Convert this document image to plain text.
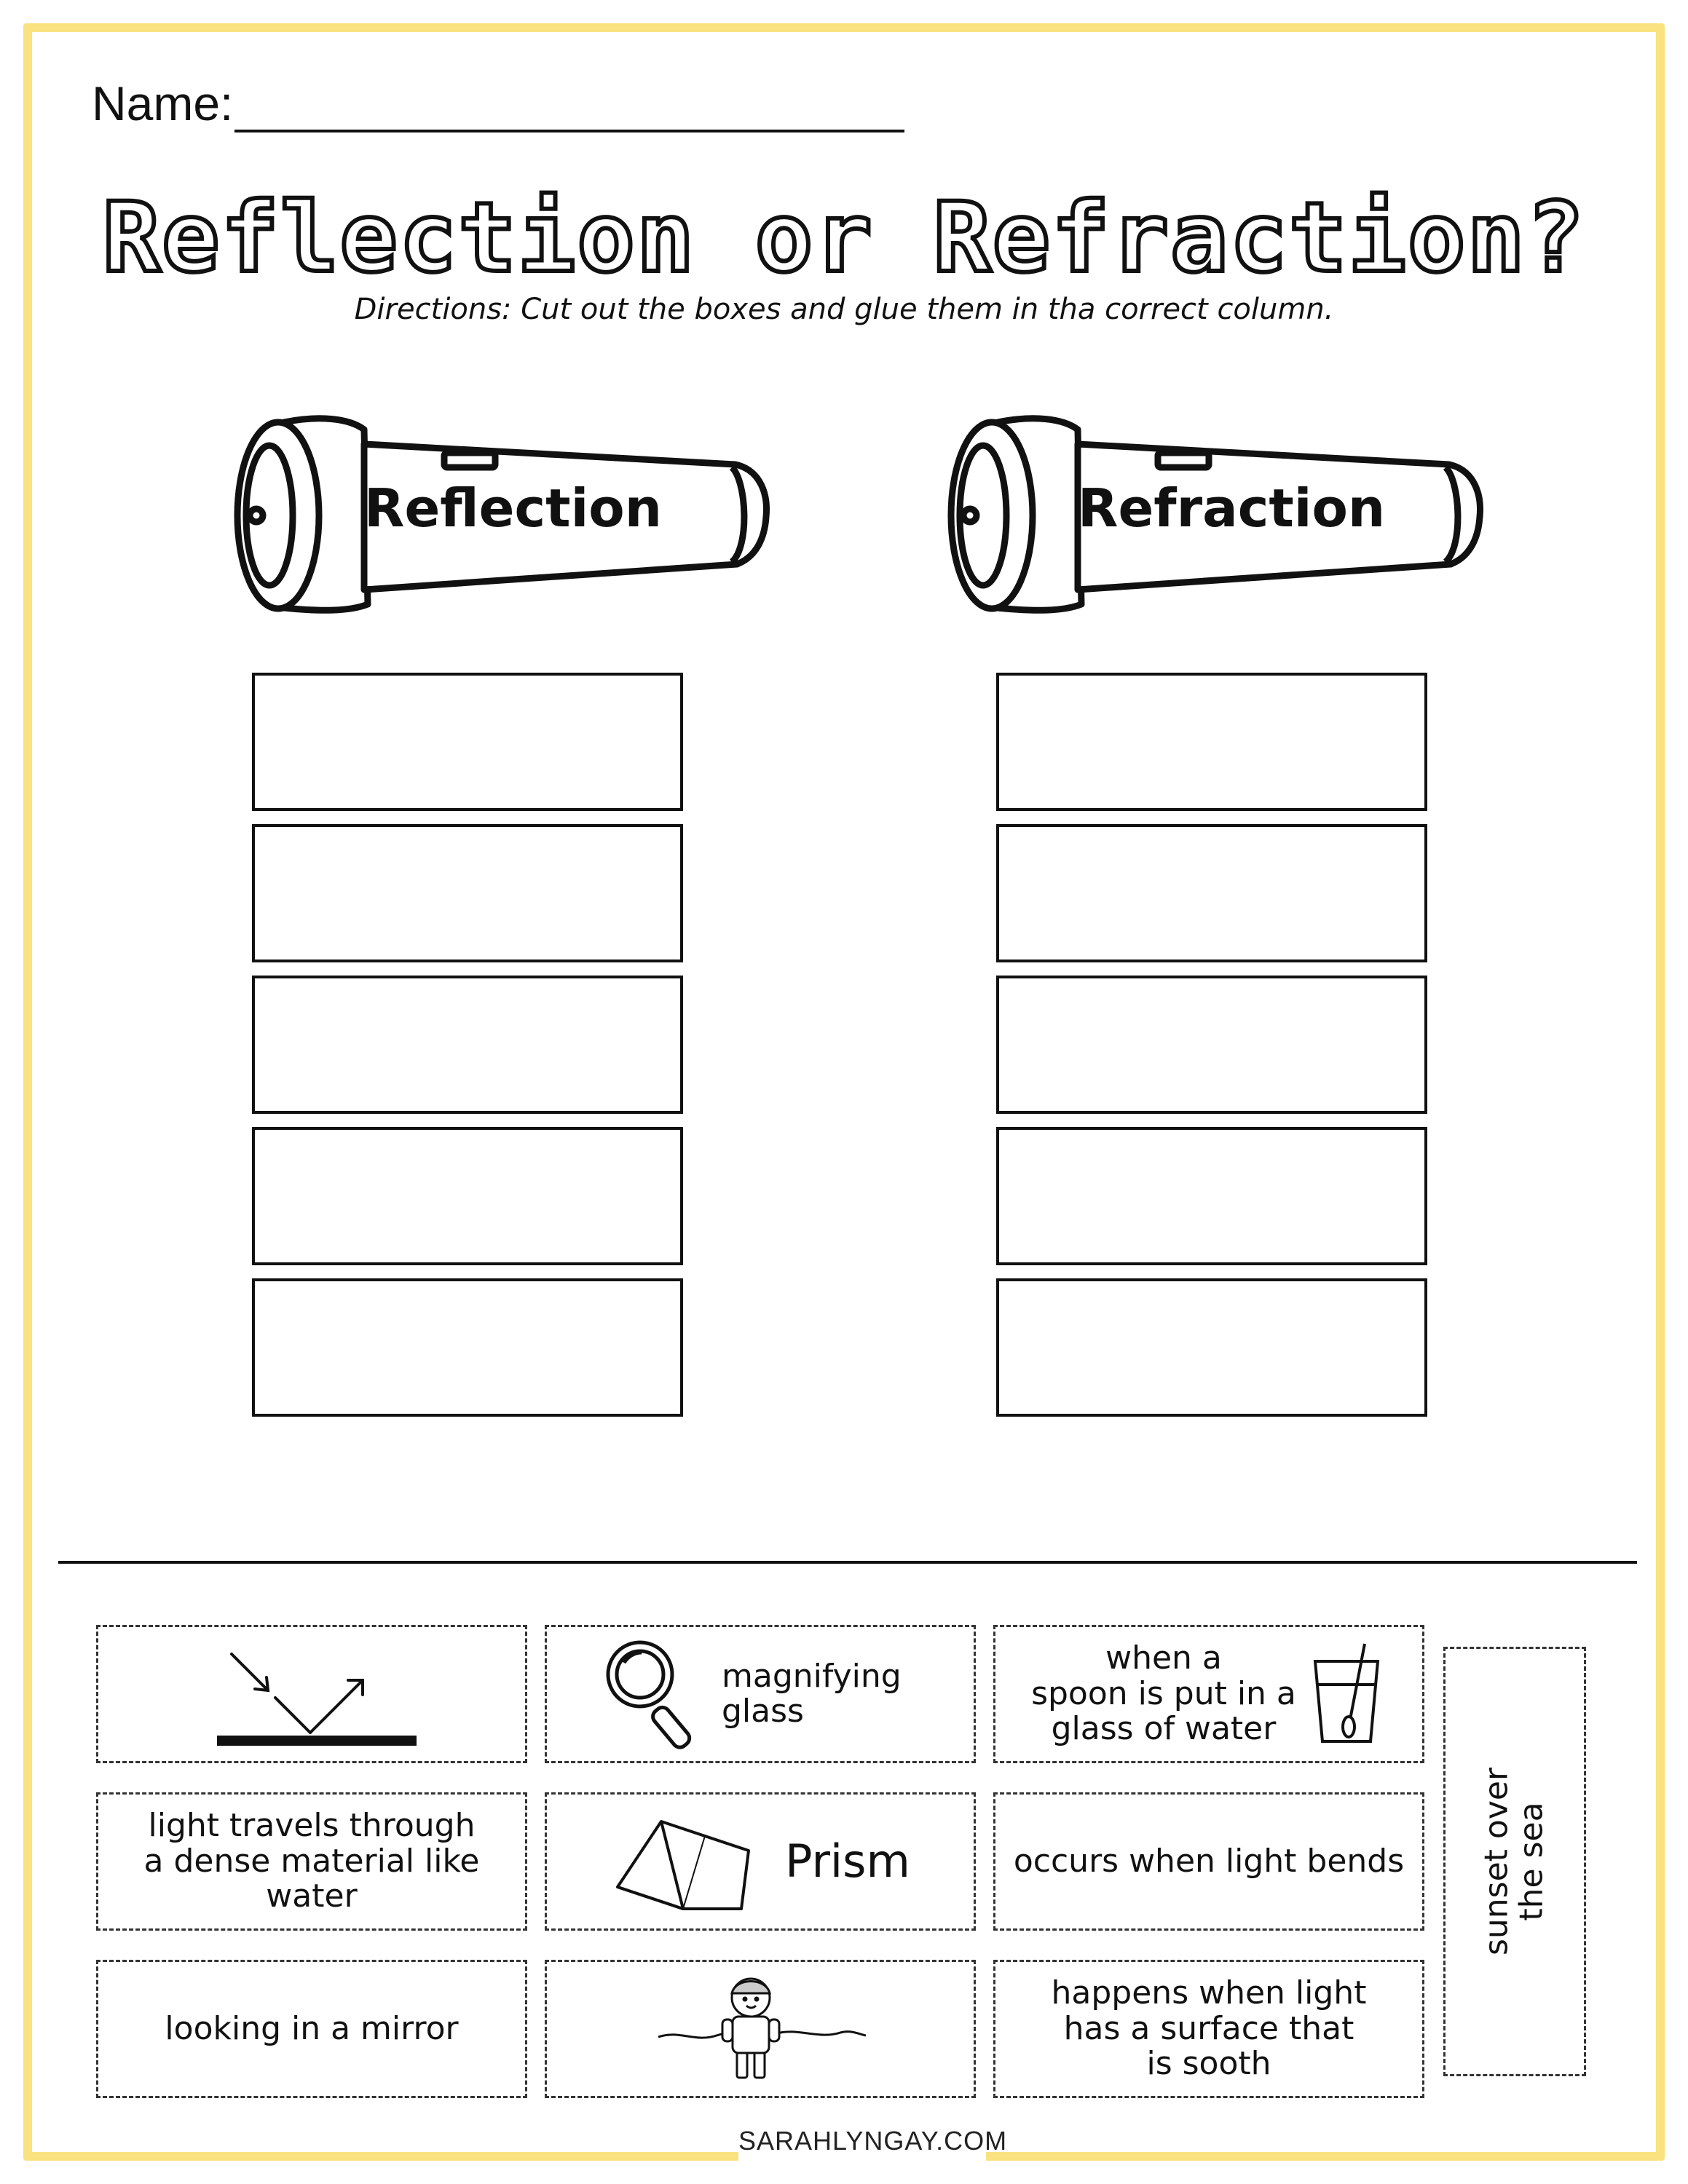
Name:
Reflection or Refraction?
Directions: Cut out the boxes and glue them in tha correct column.
Reflection	Refraction
magnifying
glass
when a
spoon is put in a
glass of water
light travels through
a dense material like
water
Prism	occurs when light bends
looking in a mirror
happens when light
has a surface that
is sooth
sunset over
the sea
SARAHLYNGAY.COM
